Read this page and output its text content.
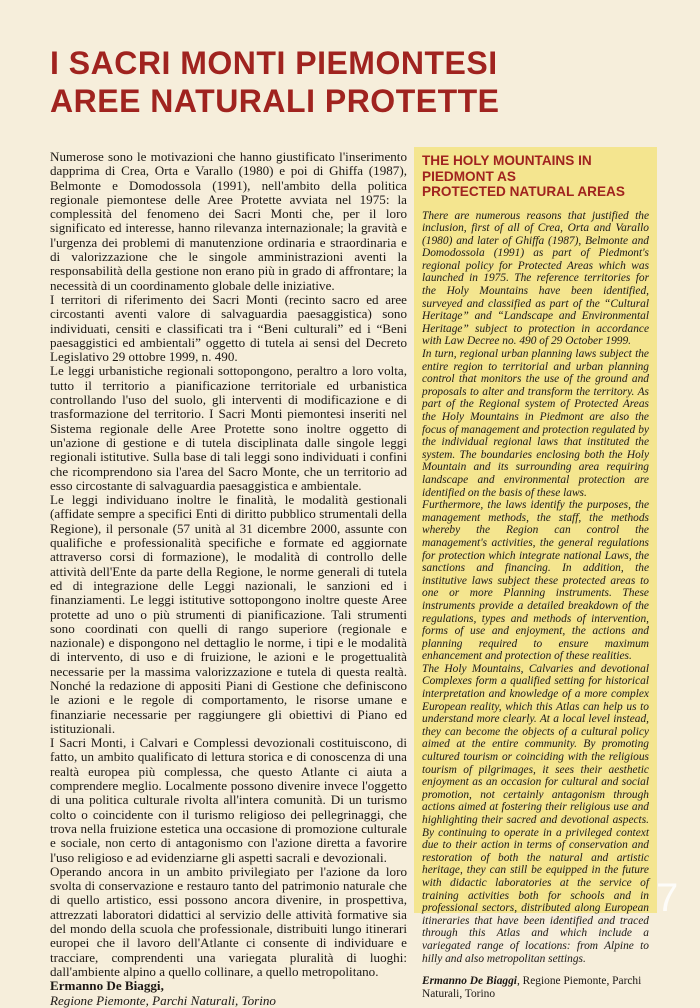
I SACRI MONTI PIEMONTESI
AREE NATURALI PROTETTE

Numerose sono le motivazioni che hanno giustificato l'inserimento dapprima di Crea, Orta e Varallo (1980) e poi di Ghiffa (1987), Belmonte e Domodossola (1991), nell'ambito della politica regionale piemontese delle Aree Protette avviata nel 1975: la complessità del fenomeno dei Sacri Monti che, per il loro significato ed interesse, hanno rilevanza internazionale; la gravità e l'urgenza dei problemi di manutenzione ordinaria e straordinaria e di valorizzazione che le singole amministrazioni aventi la responsabilità della gestione non erano più in grado di affrontare; la necessità di un coordinamento globale delle iniziative.

I territori di riferimento dei Sacri Monti (recinto sacro ed aree circostanti aventi valore di salvaguardia paesaggistica) sono individuati, censiti e classificati tra i “Beni culturali” ed i “Beni paesaggistici ed ambientali” oggetto di tutela ai sensi del Decreto Legislativo 29 ottobre 1999, n. 490.

Le leggi urbanistiche regionali sottopongono, peraltro a loro volta, tutto il territorio a pianificazione territoriale ed urbanistica controllando l'uso del suolo, gli interventi di modificazione e di trasformazione del territorio. I Sacri Monti piemontesi inseriti nel Sistema regionale delle Aree Protette sono inoltre oggetto di un'azione di gestione e di tutela disciplinata dalle singole leggi regionali istitutive. Sulla base di tali leggi sono individuati i confini che ricomprendono sia l'area del Sacro Monte, che un territorio ad esso circostante di salvaguardia paesaggistica e ambientale.

Le leggi individuano inoltre le finalità, le modalità gestionali (affidate sempre a specifici Enti di diritto pubblico strumentali della Regione), il personale (57 unità al 31 dicembre 2000, assunte con qualifiche e professionalità specifiche e formate ed aggiornate attraverso corsi di formazione), le modalità di controllo delle attività dell'Ente da parte della Regione, le norme generali di tutela ed di integrazione delle Leggi nazionali, le sanzioni ed i finanziamenti. Le leggi istitutive sottopongono inoltre queste Aree protette ad uno o più strumenti di pianificazione. Tali strumenti sono coordinati con quelli di rango superiore (regionale e nazionale) e dispongono nel dettaglio le norme, i tipi e le modalità di intervento, di uso e di fruizione, le azioni e le progettualità necessarie per la massima valorizzazione e tutela di questa realtà. Nonché la redazione di appositi Piani di Gestione che definiscono le azioni e le regole di comportamento, le risorse umane e finanziarie necessarie per raggiungere gli obiettivi di Piano ed istituzionali.

I Sacri Monti, i Calvari e Complessi devozionali costituiscono, di fatto, un ambito qualificato di lettura storica e di conoscenza di una realtà europea più complessa, che questo Atlante ci aiuta a comprendere meglio. Localmente possono divenire invece l'oggetto di una politica culturale rivolta all'intera comunità. Di un turismo colto o coincidente con il turismo religioso dei pellegrinaggi, che trova nella fruizione estetica una occasione di promozione culturale e sociale, non certo di antagonismo con l'azione diretta a favorire l'uso religioso e ad evidenziarne gli aspetti sacrali e devozionali.

Operando ancora in un ambito privilegiato per l'azione da loro svolta di conservazione e restauro tanto del patrimonio naturale che di quello artistico, essi possono ancora divenire, in prospettiva, attrezzati laboratori didattici al servizio delle attività formative sia del mondo della scuola che professionale, distribuiti lungo itinerari europei che il lavoro dell'Atlante ci consente di individuare e tracciare, comprendenti una variegata pluralità di luoghi: dall'ambiente alpino a quello collinare, a quello metropolitano.

Ermanno De Biaggi,
Regione Piemonte, Parchi Naturali, Torino
THE HOLY MOUNTAINS IN
PIEDMONT AS
PROTECTED NATURAL AREAS

There are numerous reasons that justified the inclusion, first of all of Crea, Orta and Varallo (1980) and later of Ghiffa (1987), Belmonte and Domodossola (1991) as part of Piedmont's regional policy for Protected Areas which was launched in 1975. The reference territories for the Holy Mountains have been identified, surveyed and classified as part of the “Cultural Heritage” and “Landscape and Environmental Heritage” subject to protection in accordance with Law Decree no. 490 of 29 October 1999.

In turn, regional urban planning laws subject the entire region to territorial and urban planning control that monitors the use of the ground and proposals to alter and transform the territory. As part of the Regional system of Protected Areas the Holy Mountains in Piedmont are also the focus of management and protection regulated by the individual regional laws that instituted the system. The boundaries enclosing both the Holy Mountain and its surrounding area requiring landscape and environmental protection are identified on the basis of these laws.

Furthermore, the laws identify the purposes, the management methods, the staff, the methods whereby the Region can control the management's activities, the general regulations for protection which integrate national Laws, the sanctions and financing. In addition, the institutive laws subject these protected areas to one or more Planning instruments. These instruments provide a detailed breakdown of the regulations, types and methods of intervention, forms of use and enjoyment, the actions and planning required to ensure maximum enhancement and protection of these realities.

The Holy Mountains, Calvaries and devotional Complexes form a qualified setting for historical interpretation and knowledge of a more complex European reality, which this Atlas can help us to understand more clearly. At a local level instead, they can become the objects of a cultural policy aimed at the entire community. By promoting cultured tourism or coinciding with the religious tourism of pilgrimages, it sees their aesthetic enjoyment as an occasion for cultural and social promotion, not certainly antagonism through actions aimed at fostering their religious use and highlighting their sacred and devotional aspects. By continuing to operate in a privileged context due to their action in terms of conservation and restoration of both the natural and artistic heritage, they can still be equipped in the future with didactic laboratories at the service of training activities both for schools and in professional sectors, distributed along European itineraries that have been identified and traced through this Atlas and which include a variegated range of locations: from Alpine to hilly and also metropolitan settings.

Ermanno De Biaggi, Regione Piemonte, Parchi Naturali, Torino
7
